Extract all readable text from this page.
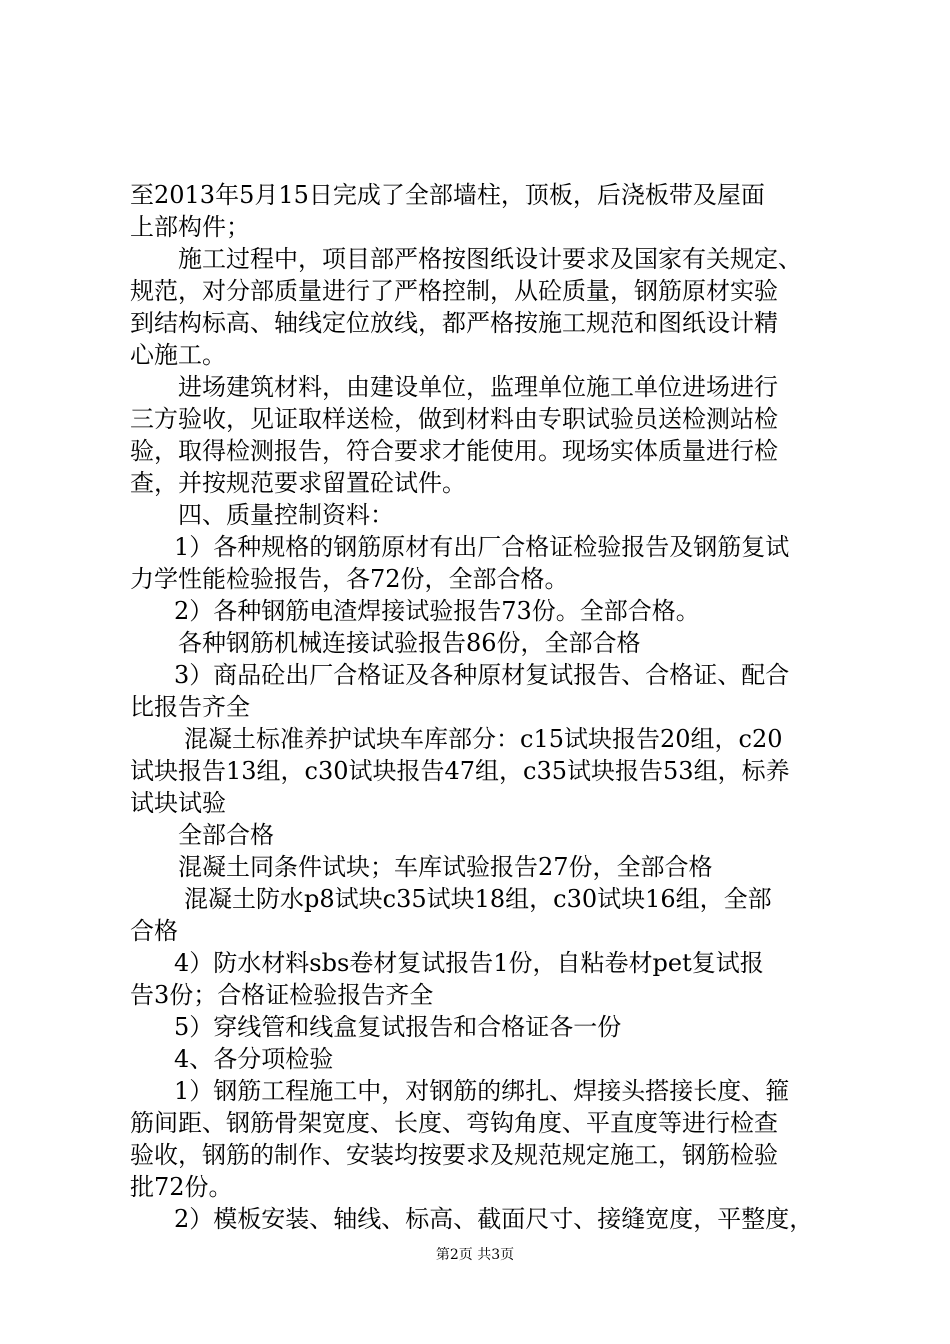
至2013年5月15日完成了全部墙柱，顶板，后浇板带及屋面
上部构件；
施工过程中，项目部严格按图纸设计要求及国家有关规定、
规范，对分部质量进行了严格控制，从砼质量，钢筋原材实验
到结构标高、轴线定位放线，都严格按施工规范和图纸设计精
心施工。
进场建筑材料，由建设单位，监理单位施工单位进场进行
三方验收，见证取样送检，做到材料由专职试验员送检测站检
验，取得检测报告，符合要求才能使用。现场实体质量进行检
查，并按规范要求留置砼试件。
四、质量控制资料：
1）各种规格的钢筋原材有出厂合格证检验报告及钢筋复试
力学性能检验报告，各72份，全部合格。
2）各种钢筋电渣焊接试验报告73份。全部合格。
各种钢筋机械连接试验报告86份，全部合格
3）商品砼出厂合格证及各种原材复试报告、合格证、配合
比报告齐全
混凝土标准养护试块车库部分：c15试块报告20组，c20
试块报告13组，c30试块报告47组，c35试块报告53组，标养
试块试验
全部合格
混凝土同条件试块；车库试验报告27份，全部合格
混凝土防水p8试块c35试块18组，c30试块16组，全部
合格
4）防水材料sbs卷材复试报告1份，自粘卷材pet复试报
告3份；合格证检验报告齐全
5）穿线管和线盒复试报告和合格证各一份
4、各分项检验
1）钢筋工程施工中，对钢筋的绑扎、焊接头搭接长度、箍
筋间距、钢筋骨架宽度、长度、弯钩角度、平直度等进行检查
验收，钢筋的制作、安装均按要求及规范规定施工，钢筋检验
批72份。
2）模板安装、轴线、标高、截面尺寸、接缝宽度，平整度，
第2页 共3页
